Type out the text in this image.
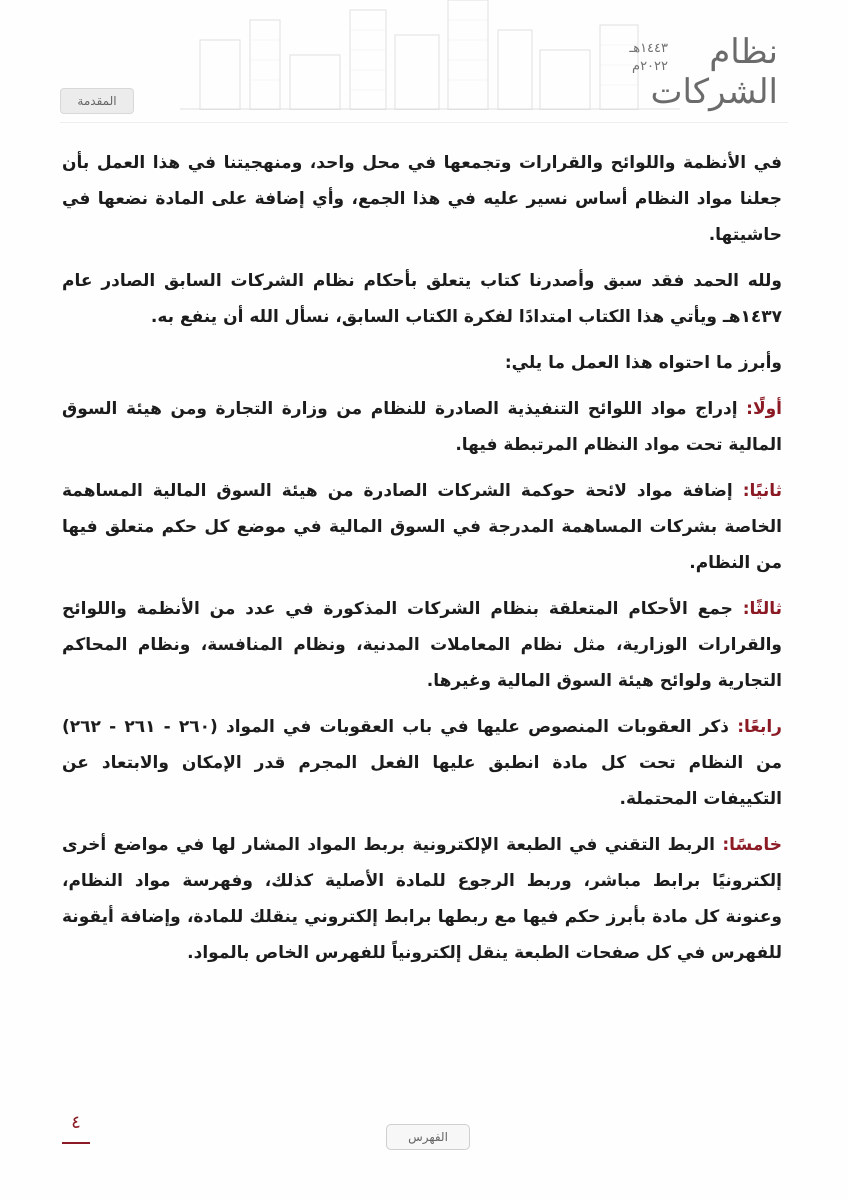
نظام الشركات
١٤٤٣هـ
٢٠٢٢م
المقدمة

في الأنظمة واللوائح والقرارات وتجمعها في محل واحد، ومنهجيتنا في هذا العمل بأن جعلنا مواد النظام أساس نسير عليه في هذا الجمع، وأي إضافة على المادة نضعها في حاشيتها.

ولله الحمد فقد سبق وأصدرنا كتاب يتعلق بأحكام نظام الشركات السابق الصادر عام ١٤٣٧هـ ويأتي هذا الكتاب امتدادًا لفكرة الكتاب السابق، نسأل الله أن ينفع به.

وأبرز ما احتواه هذا العمل ما يلي:

أولًا: إدراج مواد اللوائح التنفيذية الصادرة للنظام من وزارة التجارة ومن هيئة السوق المالية تحت مواد النظام المرتبطة فيها.

ثانيًا: إضافة مواد لائحة حوكمة الشركات الصادرة من هيئة السوق المالية المساهمة الخاصة بشركات المساهمة المدرجة في السوق المالية في موضع كل حكم متعلق فيها من النظام.

ثالثًا: جمع الأحكام المتعلقة بنظام الشركات المذكورة في عدد من الأنظمة واللوائح والقرارات الوزارية، مثل نظام المعاملات المدنية، ونظام المنافسة، ونظام المحاكم التجارية ولوائح هيئة السوق المالية وغيرها.

رابعًا: ذكر العقوبات المنصوص عليها في باب العقوبات في المواد (٢٦٠ - ٢٦١ - ٢٦٢) من النظام تحت كل مادة انطبق عليها الفعل المجرم قدر الإمكان والابتعاد عن التكييفات المحتملة.

خامسًا: الربط التقني في الطبعة الإلكترونية بربط المواد المشار لها في مواضع أخرى إلكترونيًا برابط مباشر، وربط الرجوع للمادة الأصلية كذلك، وفهرسة مواد النظام، وعنونة كل مادة بأبرز حكم فيها مع ربطها برابط إلكتروني ينقلك للمادة، وإضافة أيقونة للفهرس في كل صفحات الطبعة ينقل إلكترونياً للفهرس الخاص بالمواد.

٤
الفهرس
